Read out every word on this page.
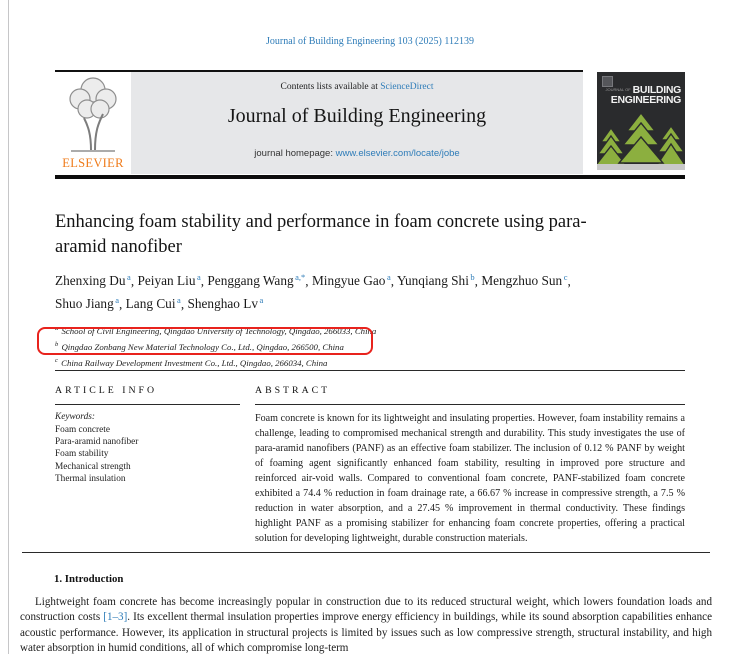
Journal of Building Engineering 103 (2025) 112139
ELSEVIER
Contents lists available at ScienceDirect
Journal of Building Engineering
journal homepage: www.elsevier.com/locate/jobe
JOURNAL OF BUILDING
ENGINEERING
Enhancing foam stability and performance in foam concrete using para-aramid nanofiber
Zhenxing Du $^a$, Peiyan Liu $^a$, Penggang Wang $^{a,*}$, Mingyue Gao $^a$, Yunqiang Shi $^b$, Mengzhuo Sun $^c$, Shuo Jiang $^a$, Lang Cui $^a$, Shenghao Lv $^a$
$^a$ School of Civil Engineering, Qingdao University of Technology, Qingdao, 266033, China
$^b$ Qingdao Zonbang New Material Technology Co., Ltd., Qingdao, 266500, China
$^c$ China Railway Development Investment Co., Ltd., Qingdao, 266034, China
ARTICLE INFO
Keywords:
Foam concrete
Para-aramid nanofiber
Foam stability
Mechanical strength
Thermal insulation
ABSTRACT
Foam concrete is known for its lightweight and insulating properties. However, foam instability remains a challenge, leading to compromised mechanical strength and durability. This study investigates the use of para-aramid nanofibers (PANF) as an effective foam stabilizer. The inclusion of 0.12 % PANF by weight of foaming agent significantly enhanced foam stability, resulting in improved pore structure and reinforced air-void walls. Compared to conventional foam concrete, PANF-stabilized foam concrete exhibited a 74.4 % reduction in foam drainage rate, a 66.67 % increase in compressive strength, a 7.5 % reduction in water absorption, and a 27.45 % improvement in thermal conductivity. These findings highlight PANF as a promising stabilizer for enhancing foam concrete properties, offering a practical solution for developing lightweight, durable construction materials.
1. Introduction
Lightweight foam concrete has become increasingly popular in construction due to its reduced structural weight, which lowers foundation loads and construction costs [1–3]. Its excellent thermal insulation properties improve energy efficiency in buildings, while its sound absorption capabilities enhance acoustic performance. However, its application in structural projects is limited by issues such as low compressive strength, structural instability, and high water absorption in humid conditions, all of which compromise long-term
